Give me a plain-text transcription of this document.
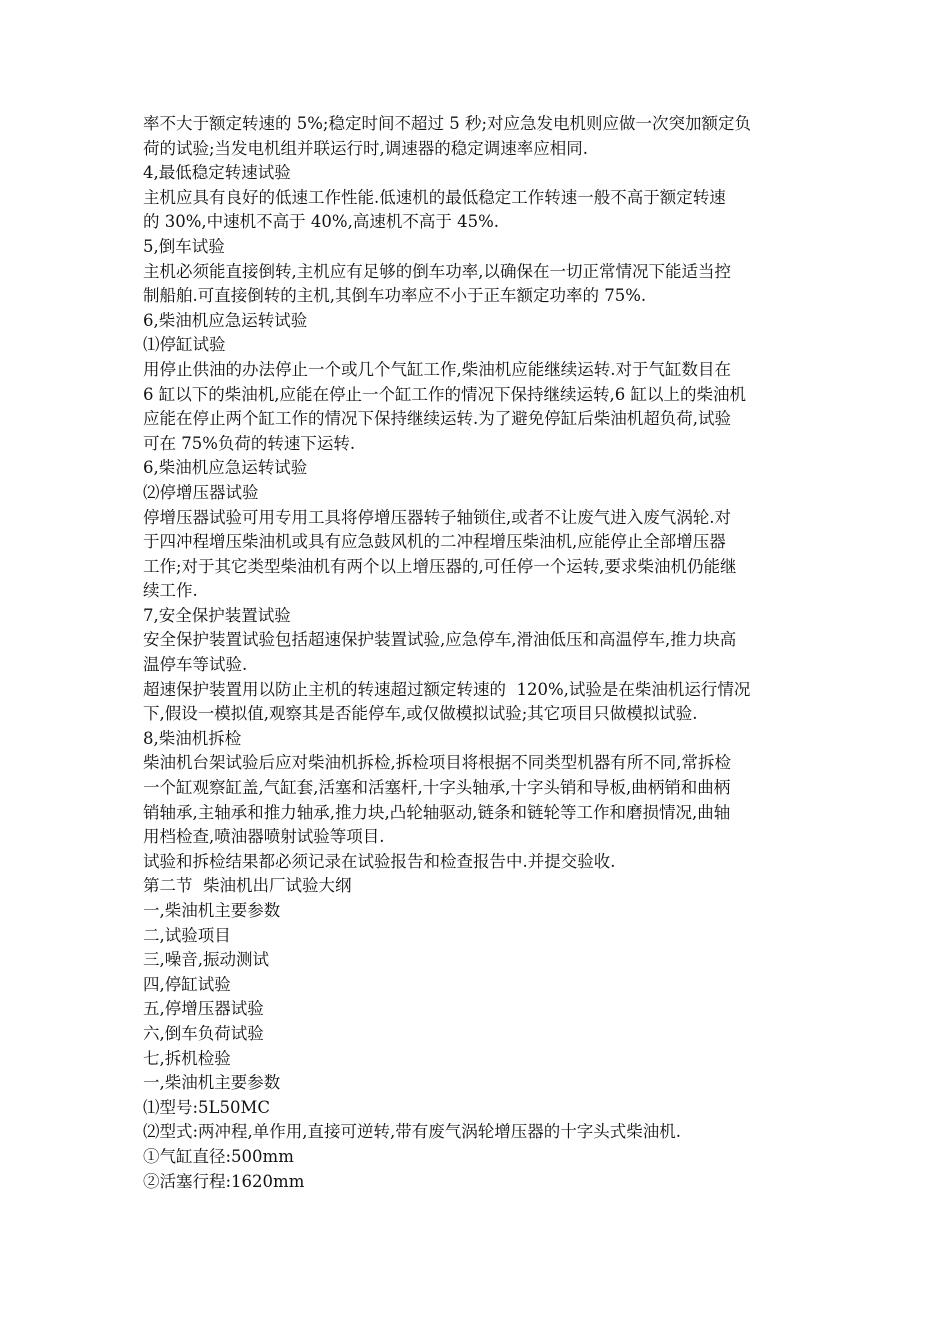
率不大于额定转速的 5%;稳定时间不超过 5 秒;对应急发电机则应做一次突加额定负
荷的试验;当发电机组并联运行时,调速器的稳定调速率应相同.
4,最低稳定转速试验
主机应具有良好的低速工作性能.低速机的最低稳定工作转速一般不高于额定转速
的 30%,中速机不高于 40%,高速机不高于 45%.
5,倒车试验
主机必须能直接倒转,主机应有足够的倒车功率,以确保在一切正常情况下能适当控
制船舶.可直接倒转的主机,其倒车功率应不小于正车额定功率的 75%.
6,柴油机应急运转试验
⑴停缸试验
用停止供油的办法停止一个或几个气缸工作,柴油机应能继续运转.对于气缸数目在
6 缸以下的柴油机,应能在停止一个缸工作的情况下保持继续运转,6 缸以上的柴油机
应能在停止两个缸工作的情况下保持继续运转.为了避免停缸后柴油机超负荷,试验
可在 75%负荷的转速下运转.
6,柴油机应急运转试验
⑵停增压器试验
停增压器试验可用专用工具将停增压器转子轴锁住,或者不让废气进入废气涡轮.对
于四冲程增压柴油机或具有应急鼓风机的二冲程增压柴油机,应能停止全部增压器
工作;对于其它类型柴油机有两个以上增压器的,可任停一个运转,要求柴油机仍能继
续工作.
7,安全保护装置试验
安全保护装置试验包括超速保护装置试验,应急停车,滑油低压和高温停车,推力块高
温停车等试验.
超速保护装置用以防止主机的转速超过额定转速的  120%,试验是在柴油机运行情况
下,假设一模拟值,观察其是否能停车,或仅做模拟试验;其它项目只做模拟试验.
8,柴油机拆检
柴油机台架试验后应对柴油机拆检,拆检项目将根据不同类型机器有所不同,常拆检
一个缸观察缸盖,气缸套,活塞和活塞杆,十字头轴承,十字头销和导板,曲柄销和曲柄
销轴承,主轴承和推力轴承,推力块,凸轮轴驱动,链条和链轮等工作和磨损情况,曲轴
用档检查,喷油器喷射试验等项目.
试验和拆检结果都必须记录在试验报告和检查报告中.并提交验收.
第二节  柴油机出厂试验大纲
一,柴油机主要参数
二,试验项目
三,噪音,振动测试
四,停缸试验
五,停增压器试验
六,倒车负荷试验
七,拆机检验
一,柴油机主要参数
⑴型号:5L50MC
⑵型式:两冲程,单作用,直接可逆转,带有废气涡轮增压器的十字头式柴油机.
①气缸直径:500mm
②活塞行程:1620mm
